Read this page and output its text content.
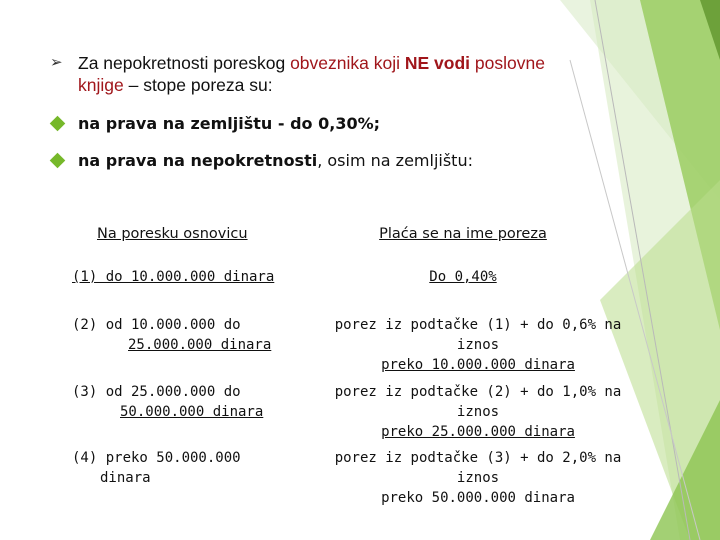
➢ Za nepokretnosti poreskog obveznika koji NE vodi poslovne
knjige – stope poreza su:
na prava na zemljištu - do 0,30%;
na prava na nepokretnosti, osim na zemljištu:
Na poresku osnovicu	Plaća se na ime poreza
(1) do 10.000.000 dinara	Do 0,40%
(2) od 10.000.000 do
25.000.000 dinara
porez iz podtačke (1) + do 0,6% na iznos
preko 10.000.000 dinara
(3) od 25.000.000 do
50.000.000 dinara
porez iz podtačke (2) + do 1,0% na iznos
preko 25.000.000 dinara
(4) preko 50.000.000
dinara
porez iz podtačke (3) + do 2,0% na iznos
preko 50.000.000 dinara
